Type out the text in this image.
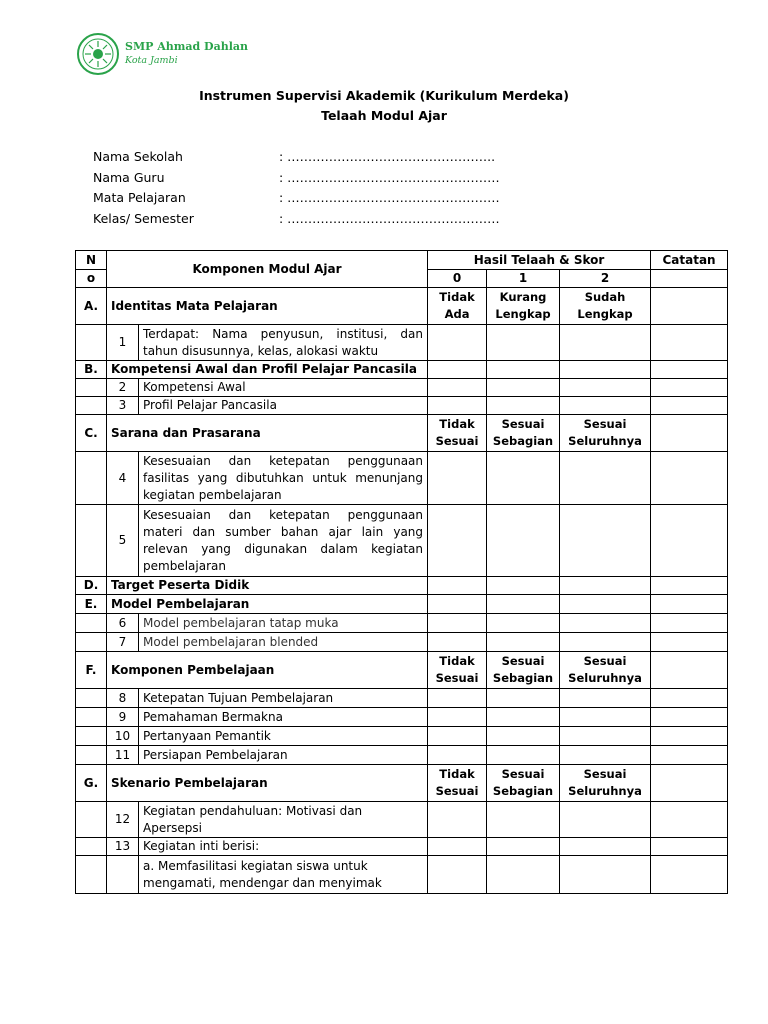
SMP Ahmad Dahlan
Kota Jambi
Instrumen Supervisi Akademik (Kurikulum Merdeka)
Telaah Modul Ajar
Nama Sekolah	: …………………………………………..
Nama Guru	: ……………………………………………
Mata Pelajaran	: ……………………………………………
Kelas/ Semester	: ……………………………………………
N	Komponen Modul Ajar		Hasil Telaah & Skor			Catatan
o			0	1	2	
A.	Identitas Mata Pelajaran		Tidak Ada	Kurang Lengkap	Sudah Lengkap	
	1	Terdapat: Nama penyusun, institusi, dan tahun disusunnya, kelas, alokasi waktu				
B.	Kompetensi Awal dan Profil Pelajar Pancasila					
	2	Kompetensi Awal				
	3	Profil Pelajar Pancasila				
C.	Sarana dan Prasarana		Tidak Sesuai	Sesuai Sebagian	Sesuai Seluruhnya	
	4	Kesesuaian dan ketepatan penggunaan fasilitas yang dibutuhkan untuk menunjang kegiatan pembelajaran				
	5	Kesesuaian dan ketepatan penggunaan materi dan sumber bahan ajar lain yang relevan yang digunakan dalam kegiatan pembelajaran				
D.	Target Peserta Didik					
E.	Model Pembelajaran					
	6	Model pembelajaran tatap muka				
	7	Model pembelajaran blended				
F.	Komponen Pembelajaan		Tidak Sesuai	Sesuai Sebagian	Sesuai Seluruhnya	
	8	Ketepatan Tujuan Pembelajaran				
	9	Pemahaman Bermakna				
	10	Pertanyaan Pemantik				
	11	Persiapan Pembelajaran				
G.	Skenario Pembelajaran		Tidak Sesuai	Sesuai Sebagian	Sesuai Seluruhnya	
	12	Kegiatan pendahuluan: Motivasi dan Apersepsi				
	13	Kegiatan inti berisi:				
		a. Memfasilitasi kegiatan siswa untuk mengamati, mendengar dan menyimak				
